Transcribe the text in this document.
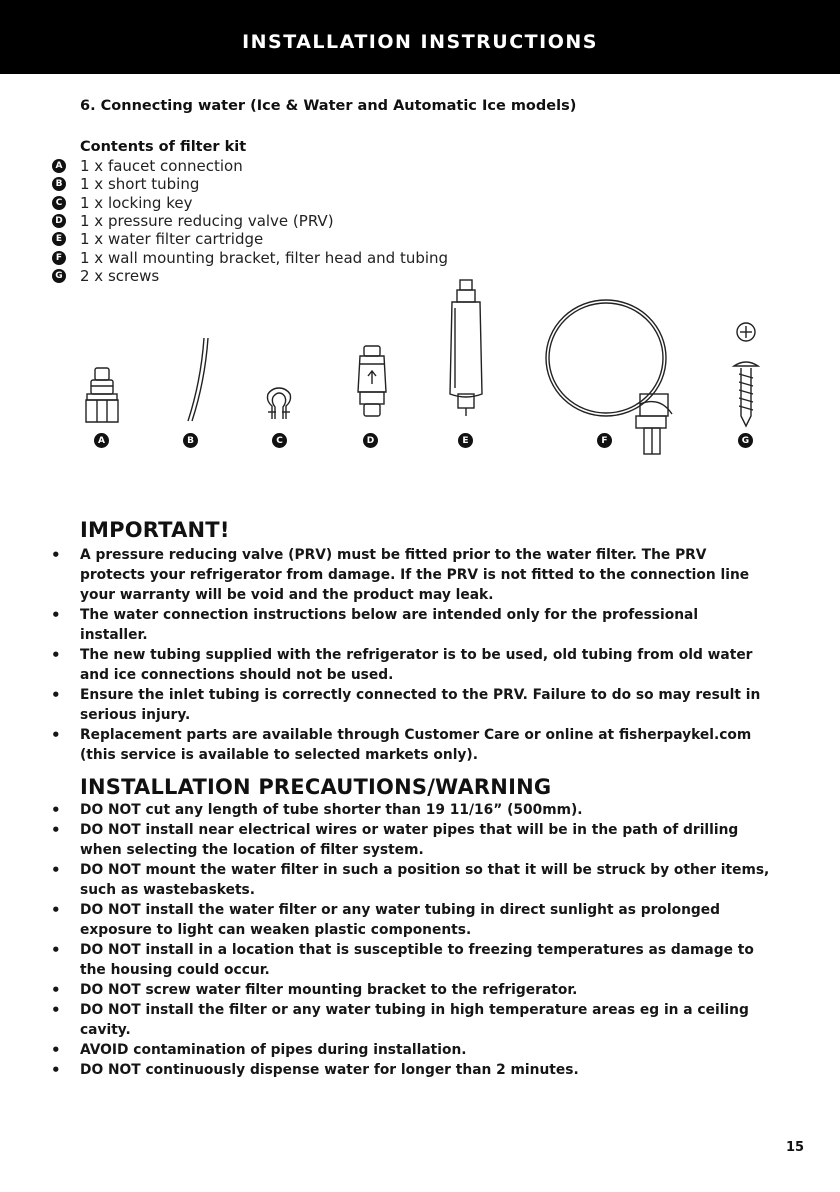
INSTALLATION INSTRUCTIONS
6. Connecting water (Ice & Water and Automatic Ice models)
Contents of filter kit
A 1 x faucet connection
B 1 x short tubing
C 1 x locking key
D 1 x pressure reducing valve (PRV)
E 1 x water filter cartridge
F 1 x wall mounting bracket, filter head and tubing
G 2 x screws
A	B	C	D	E	F	G
IMPORTANT!
• A pressure reducing valve (PRV) must be fitted prior to the water filter. The PRV protects your refrigerator from damage. If the PRV is not fitted to the connection line your warranty will be void and the product may leak.
• The water connection instructions below are intended only for the professional installer.
• The new tubing supplied with the refrigerator is to be used, old tubing from old water and ice connections should not be used.
• Ensure the inlet tubing is correctly connected to the PRV. Failure to do so may result in serious injury.
• Replacement parts are available through Customer Care or online at fisherpaykel.com (this service is available to selected markets only).
INSTALLATION PRECAUTIONS/WARNING
• DO NOT cut any length of tube shorter than 19 11/16” (500mm).
• DO NOT install near electrical wires or water pipes that will be in the path of drilling when selecting the location of filter system.
• DO NOT mount the water filter in such a position so that it will be struck by other items, such as wastebaskets.
• DO NOT install the water filter or any water tubing in direct sunlight as prolonged exposure to light can weaken plastic components.
• DO NOT install in a location that is susceptible to freezing temperatures as damage to the housing could occur.
• DO NOT screw water filter mounting bracket to the refrigerator.
• DO NOT install the filter or any water tubing in high temperature areas eg in a ceiling cavity.
• AVOID contamination of pipes during installation.
• DO NOT continuously dispense water for longer than 2 minutes.
15
